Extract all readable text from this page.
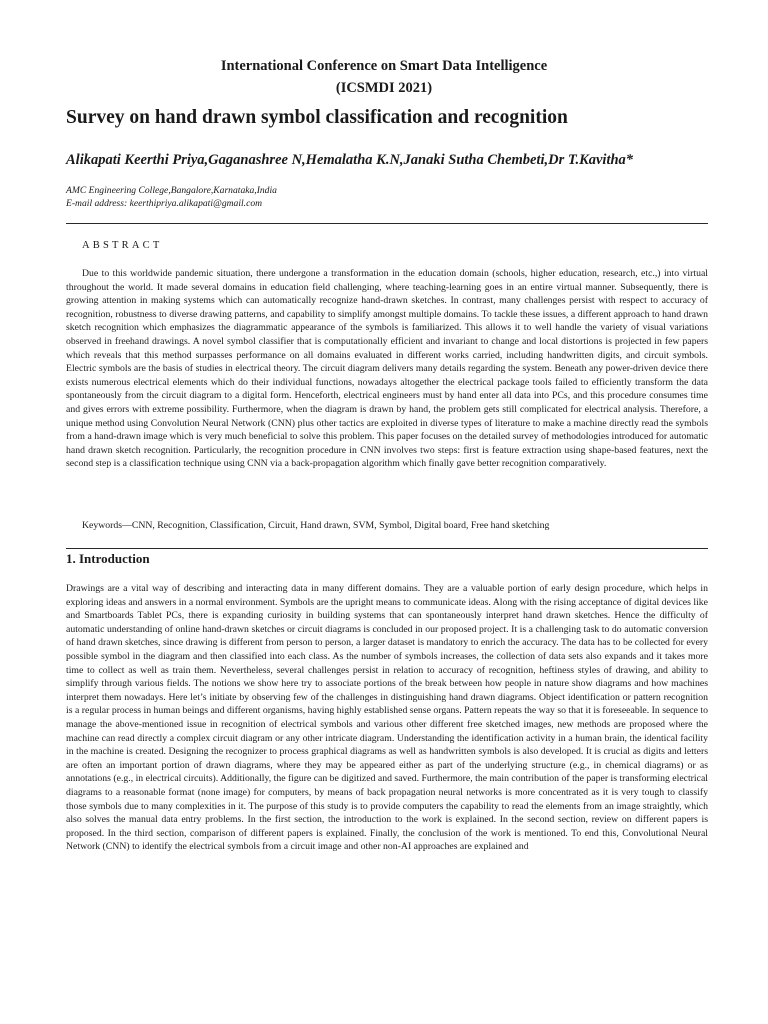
International Conference on Smart Data Intelligence
(ICSMDI 2021)
Survey on hand drawn symbol classification and recognition
Alikapati Keerthi Priya,Gaganashree N,Hemalatha K.N,Janaki Sutha Chembeti,Dr T.Kavitha*
AMC Engineering College,Bangalore,Karnataka,India
E-mail address: keerthipriya.alikapati@gmail.com
ABSTRACT

Due to this worldwide pandemic situation, there undergone a transformation in the education domain (schools, higher education, research, etc.,) into virtual throughout the world. It made several domains in education field challenging, where teaching-learning goes in an entire virtual manner. Subsequently, there is growing attention in making systems which can automatically recognize hand-drawn sketches. In contrast, many challenges persist with respect to accuracy of recognition, robustness to diverse drawing patterns, and capability to simplify amongst multiple domains. To tackle these issues, a different approach to hand drawn sketch recognition which emphasizes the diagrammatic appearance of the symbols is familiarized. This allows it to well handle the variety of visual variations observed in freehand drawings. A novel symbol classifier that is computationally efficient and invariant to change and local distortions is projected in few papers which reveals that this method surpasses performance on all domains evaluated in different works carried, including handwritten digits, and circuit symbols. Electric symbols are the basis of studies in electrical theory. The circuit diagram delivers many details regarding the system. Beneath any power-driven device there exists numerous electrical elements which do their individual functions, nowadays altogether the electrical package tools failed to efficiently transform the data spontaneously from the circuit diagram to a digital form. Henceforth, electrical engineers must by hand enter all data into PCs, and this procedure consumes time and gives errors with extreme possibility. Furthermore, when the diagram is drawn by hand, the problem gets still complicated for electrical analysis. Therefore, a unique method using Convolution Neural Network (CNN) plus other tactics are exploited in diverse types of literature to make a machine directly read the symbols from a hand-drawn image which is very much beneficial to solve this problem. This paper focuses on the detailed survey of methodologies introduced for automatic hand drawn sketch recognition. Particularly, the recognition procedure in CNN involves two steps: first is feature extraction using shape-based features, next the second step is a classification technique using CNN via a back-propagation algorithm which finally gave better recognition comparatively.

Keywords—CNN, Recognition, Classification, Circuit, Hand drawn, SVM, Symbol, Digital board, Free hand sketching
1. Introduction

Drawings are a vital way of describing and interacting data in many different domains. They are a valuable portion of early design procedure, which helps in exploring ideas and answers in a normal environment. Symbols are the upright means to communicate ideas. Along with the rising acceptance of digital devices like and Smartboards Tablet PCs, there is expanding curiosity in building systems that can spontaneously interpret hand drawn sketches. Hence the difficulty of automatic understanding of online hand-drawn sketches or circuit diagrams is concluded in our proposed project. It is a challenging task to do automatic conversion of hand drawn sketches, since drawing is different from person to person, a larger dataset is mandatory to enrich the accuracy. The data has to be collected for every possible symbol in the diagram and then classified into each class. As the number of symbols increases, the collection of data sets also expands and it takes more time to collect as well as train them. Nevertheless, several challenges persist in relation to accuracy of recognition, heftiness styles of drawing, and ability to simplify through various fields. The notions we show here try to associate portions of the break between how people in nature show diagrams and how machines interpret them nowadays. Here let’s initiate by observing few of the challenges in distinguishing hand drawn diagrams. Object identification or pattern recognition is a regular process in human beings and different organisms, having highly established sense organs. Pattern repeats the way so that it is foreseeable. In sequence to manage the above-mentioned issue in recognition of electrical symbols and various other different free sketched images, new methods are proposed where the machine can read directly a complex circuit diagram or any other intricate diagram. Understanding the identification activity in a human brain, the identical facility in the machine is created. Designing the recognizer to process graphical diagrams as well as handwritten symbols is also developed. It is crucial as digits and letters are often an important portion of drawn diagrams, where they may be appeared either as part of the underlying structure (e.g., in chemical diagrams) or as annotations (e.g., in electrical circuits). Additionally, the figure can be digitized and saved. Furthermore, the main contribution of the paper is transforming electrical diagrams to a reasonable format (none image) for computers, by means of back propagation neural networks is more concentrated as it is very tough to classify those symbols due to many complexities in it. The purpose of this study is to provide computers the capability to read the elements from an image straightly, which also solves the manual data entry problems. In the first section, the introduction to the work is explained. In the second section, review on different papers is proposed. In the third section, comparison of different papers is explained. Finally, the conclusion of the work is mentioned. To end this, Convolutional Neural Network (CNN) to identify the electrical symbols from a circuit image and other non-AI approaches are explained and
